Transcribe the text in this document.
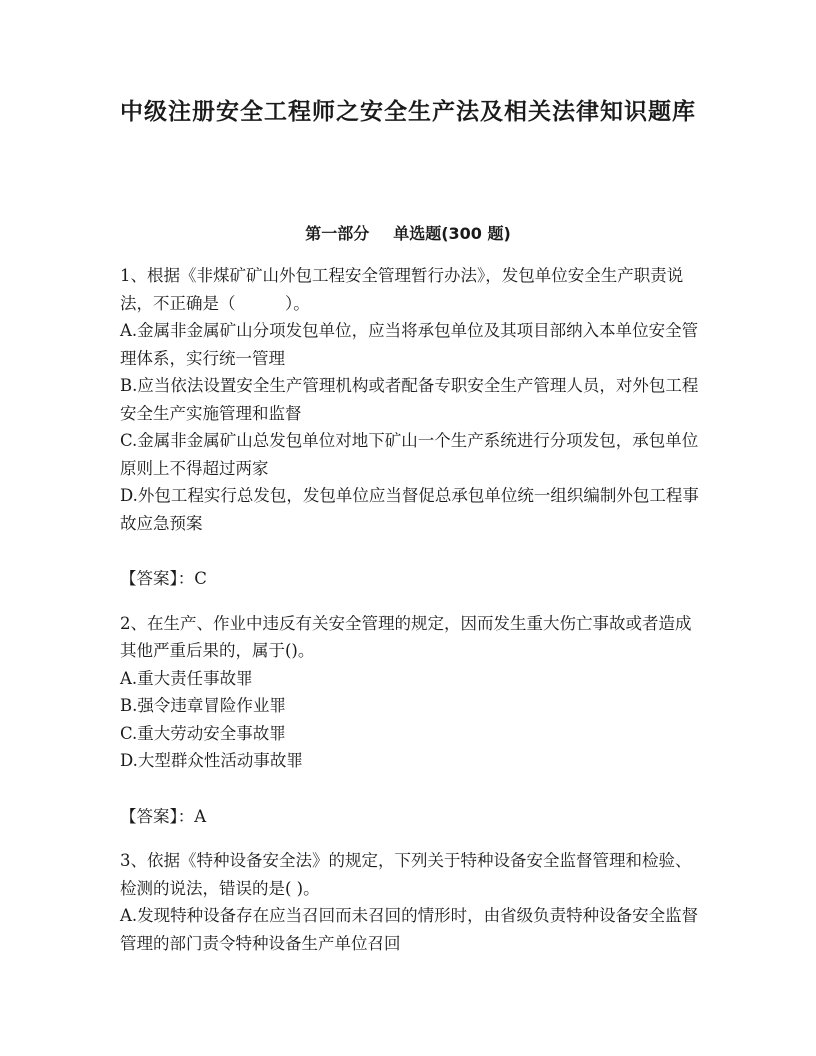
中级注册安全工程师之安全生产法及相关法律知识题库
第一部分 单选题(300 题)

1、根据《非煤矿矿山外包工程安全管理暂行办法》，发包单位安全生产职责说法，不正确是（　　　）。

A.金属非金属矿山分项发包单位，应当将承包单位及其项目部纳入本单位安全管理体系，实行统一管理

B.应当依法设置安全生产管理机构或者配备专职安全生产管理人员，对外包工程安全生产实施管理和监督

C.金属非金属矿山总发包单位对地下矿山一个生产系统进行分项发包，承包单位原则上不得超过两家

D.外包工程实行总发包，发包单位应当督促总承包单位统一组织编制外包工程事故应急预案

【答案】：C

2、在生产、作业中违反有关安全管理的规定，因而发生重大伤亡事故或者造成其他严重后果的，属于()。

A.重大责任事故罪

B.强令违章冒险作业罪

C.重大劳动安全事故罪

D.大型群众性活动事故罪

【答案】：A

3、依据《特种设备安全法》的规定，下列关于特种设备安全监督管理和检验、检测的说法，错误的是( )。

A.发现特种设备存在应当召回而未召回的情形时，由省级负责特种设备安全监督管理的部门责令特种设备生产单位召回
